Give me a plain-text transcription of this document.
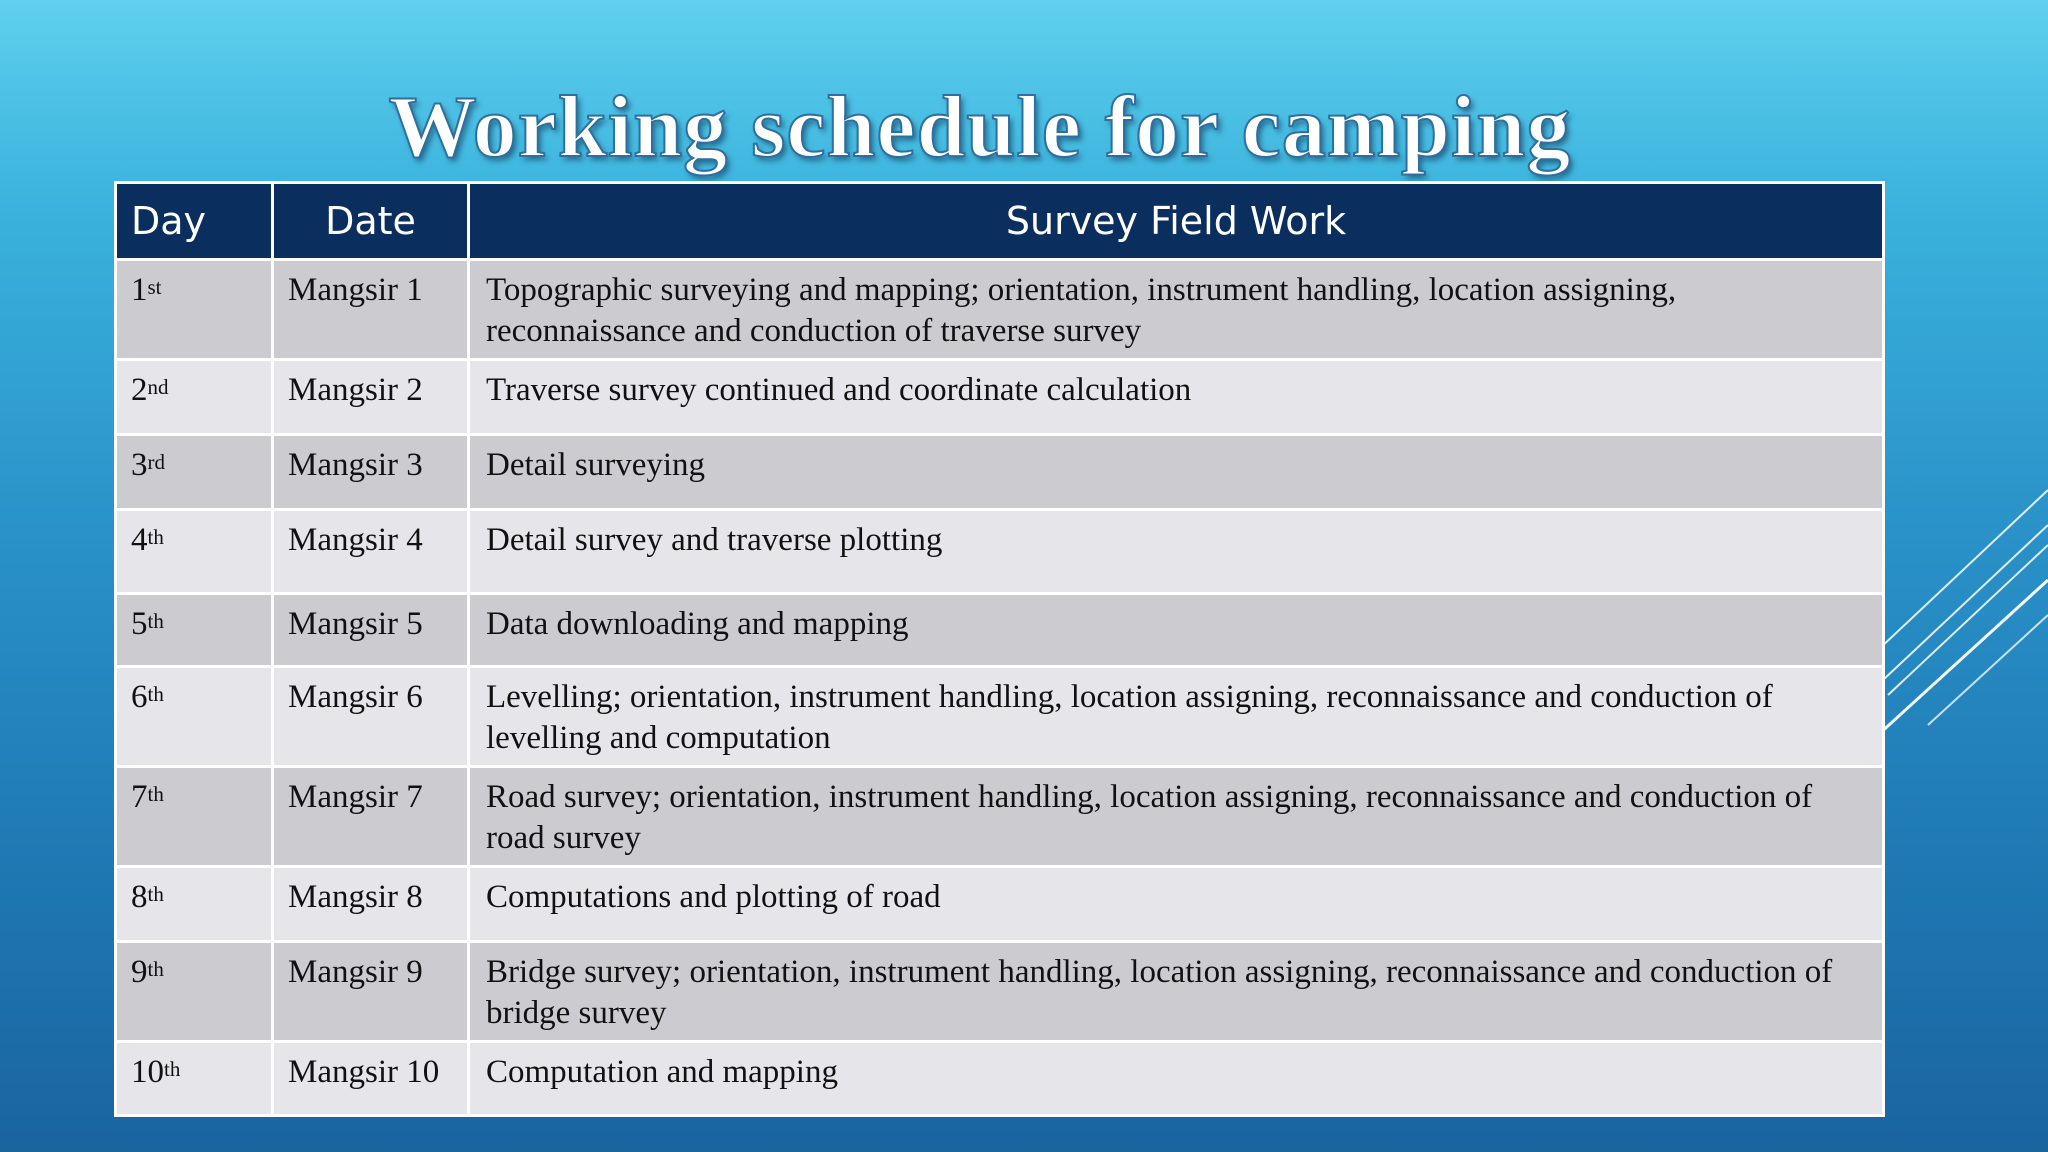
Working schedule for camping
Day	Date	Survey Field Work
1st	Mangsir 1	Topographic surveying and mapping; orientation, instrument handling, location assigning, reconnaissance and conduction of traverse survey
2nd	Mangsir 2	Traverse survey continued and coordinate calculation
3rd	Mangsir 3	Detail surveying
4th	Mangsir 4	Detail survey and traverse plotting
5th	Mangsir 5	Data downloading and mapping
6th	Mangsir 6	Levelling; orientation, instrument handling, location assigning, reconnaissance and conduction of levelling and computation
7th	Mangsir 7	Road survey; orientation, instrument handling, location assigning, reconnaissance and conduction of road survey
8th	Mangsir 8	Computations and plotting of road
9th	Mangsir 9	Bridge survey; orientation, instrument handling, location assigning, reconnaissance and conduction of bridge survey
10th	Mangsir 10	Computation and mapping
